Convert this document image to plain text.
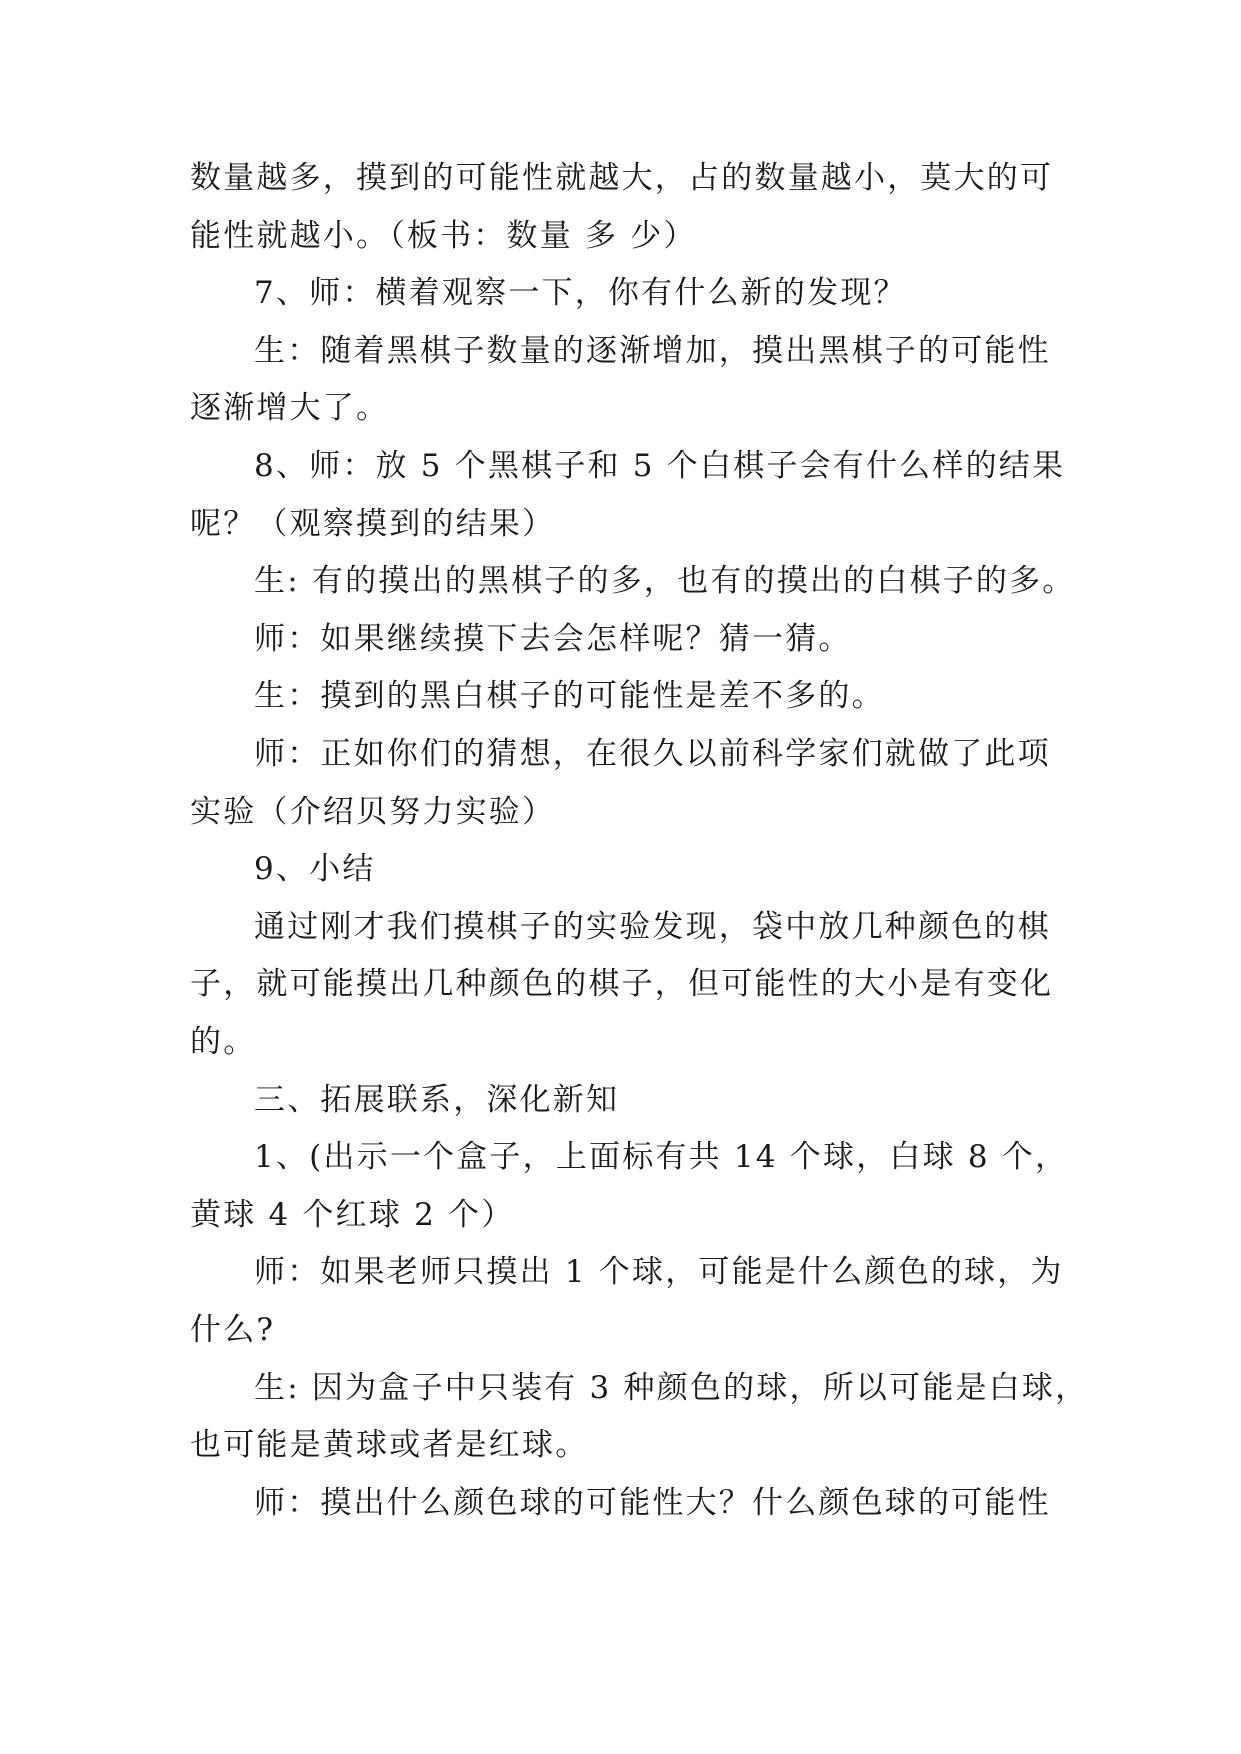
数量越多，摸到的可能性就越大，占的数量越小，莫大的可
能性就越小。（板书：数量 多 少）
7、师：横着观察一下，你有什么新的发现？
生：随着黑棋子数量的逐渐增加，摸出黑棋子的可能性
逐渐增大了。
8、师：放 5 个黑棋子和 5 个白棋子会有什么样的结果
呢？（观察摸到的结果）
生: 有的摸出的黑棋子的多，也有的摸出的白棋子的多。
师：如果继续摸下去会怎样呢？猜一猜。
生：摸到的黑白棋子的可能性是差不多的。
师：正如你们的猜想，在很久以前科学家们就做了此项
实验（介绍贝努力实验）
9、小结
通过刚才我们摸棋子的实验发现，袋中放几种颜色的棋
子，就可能摸出几种颜色的棋子，但可能性的大小是有变化
的。
三、拓展联系，深化新知
1、(出示一个盒子，上面标有共 14 个球，白球 8 个，
黄球 4 个红球 2 个）
师：如果老师只摸出 1 个球，可能是什么颜色的球，为
什么?
生: 因为盒子中只装有 3 种颜色的球，所以可能是白球，
也可能是黄球或者是红球。
师：摸出什么颜色球的可能性大？什么颜色球的可能性
